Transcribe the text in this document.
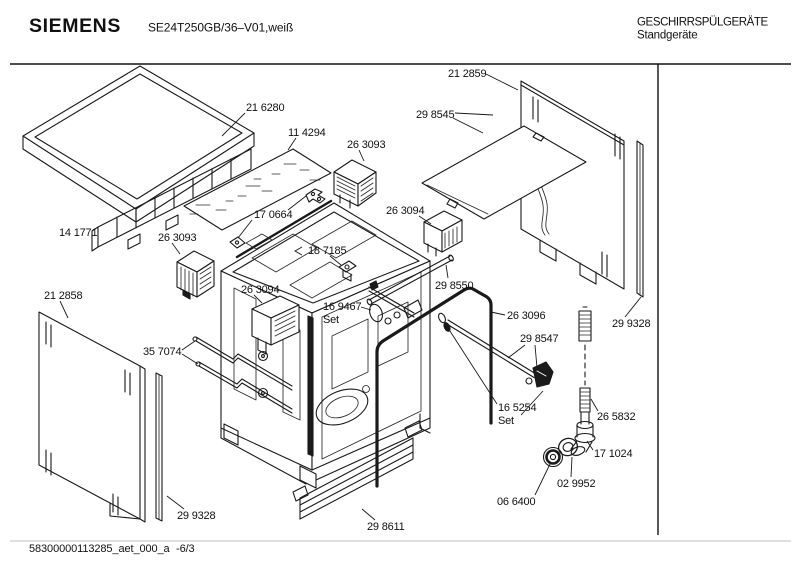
SIEMENS SE24T250GB/36–V01,weiß	GESCHIRRSPÜLGERÄTE
Standgeräte
58300000113285_aet_000_a -6/3
21 2859
21 6280
29 8545
11 4294
26 3093
26 3094
17 0664
14 1771	26 3093
18 7185
26 3094	29 8550
21 2858
16 9467
Set	26 3096
29 9328
29 8547
35 7074
16 5254
Set	26 5832
17 1024
02 9952
06 6400
29 9328
29 8611
